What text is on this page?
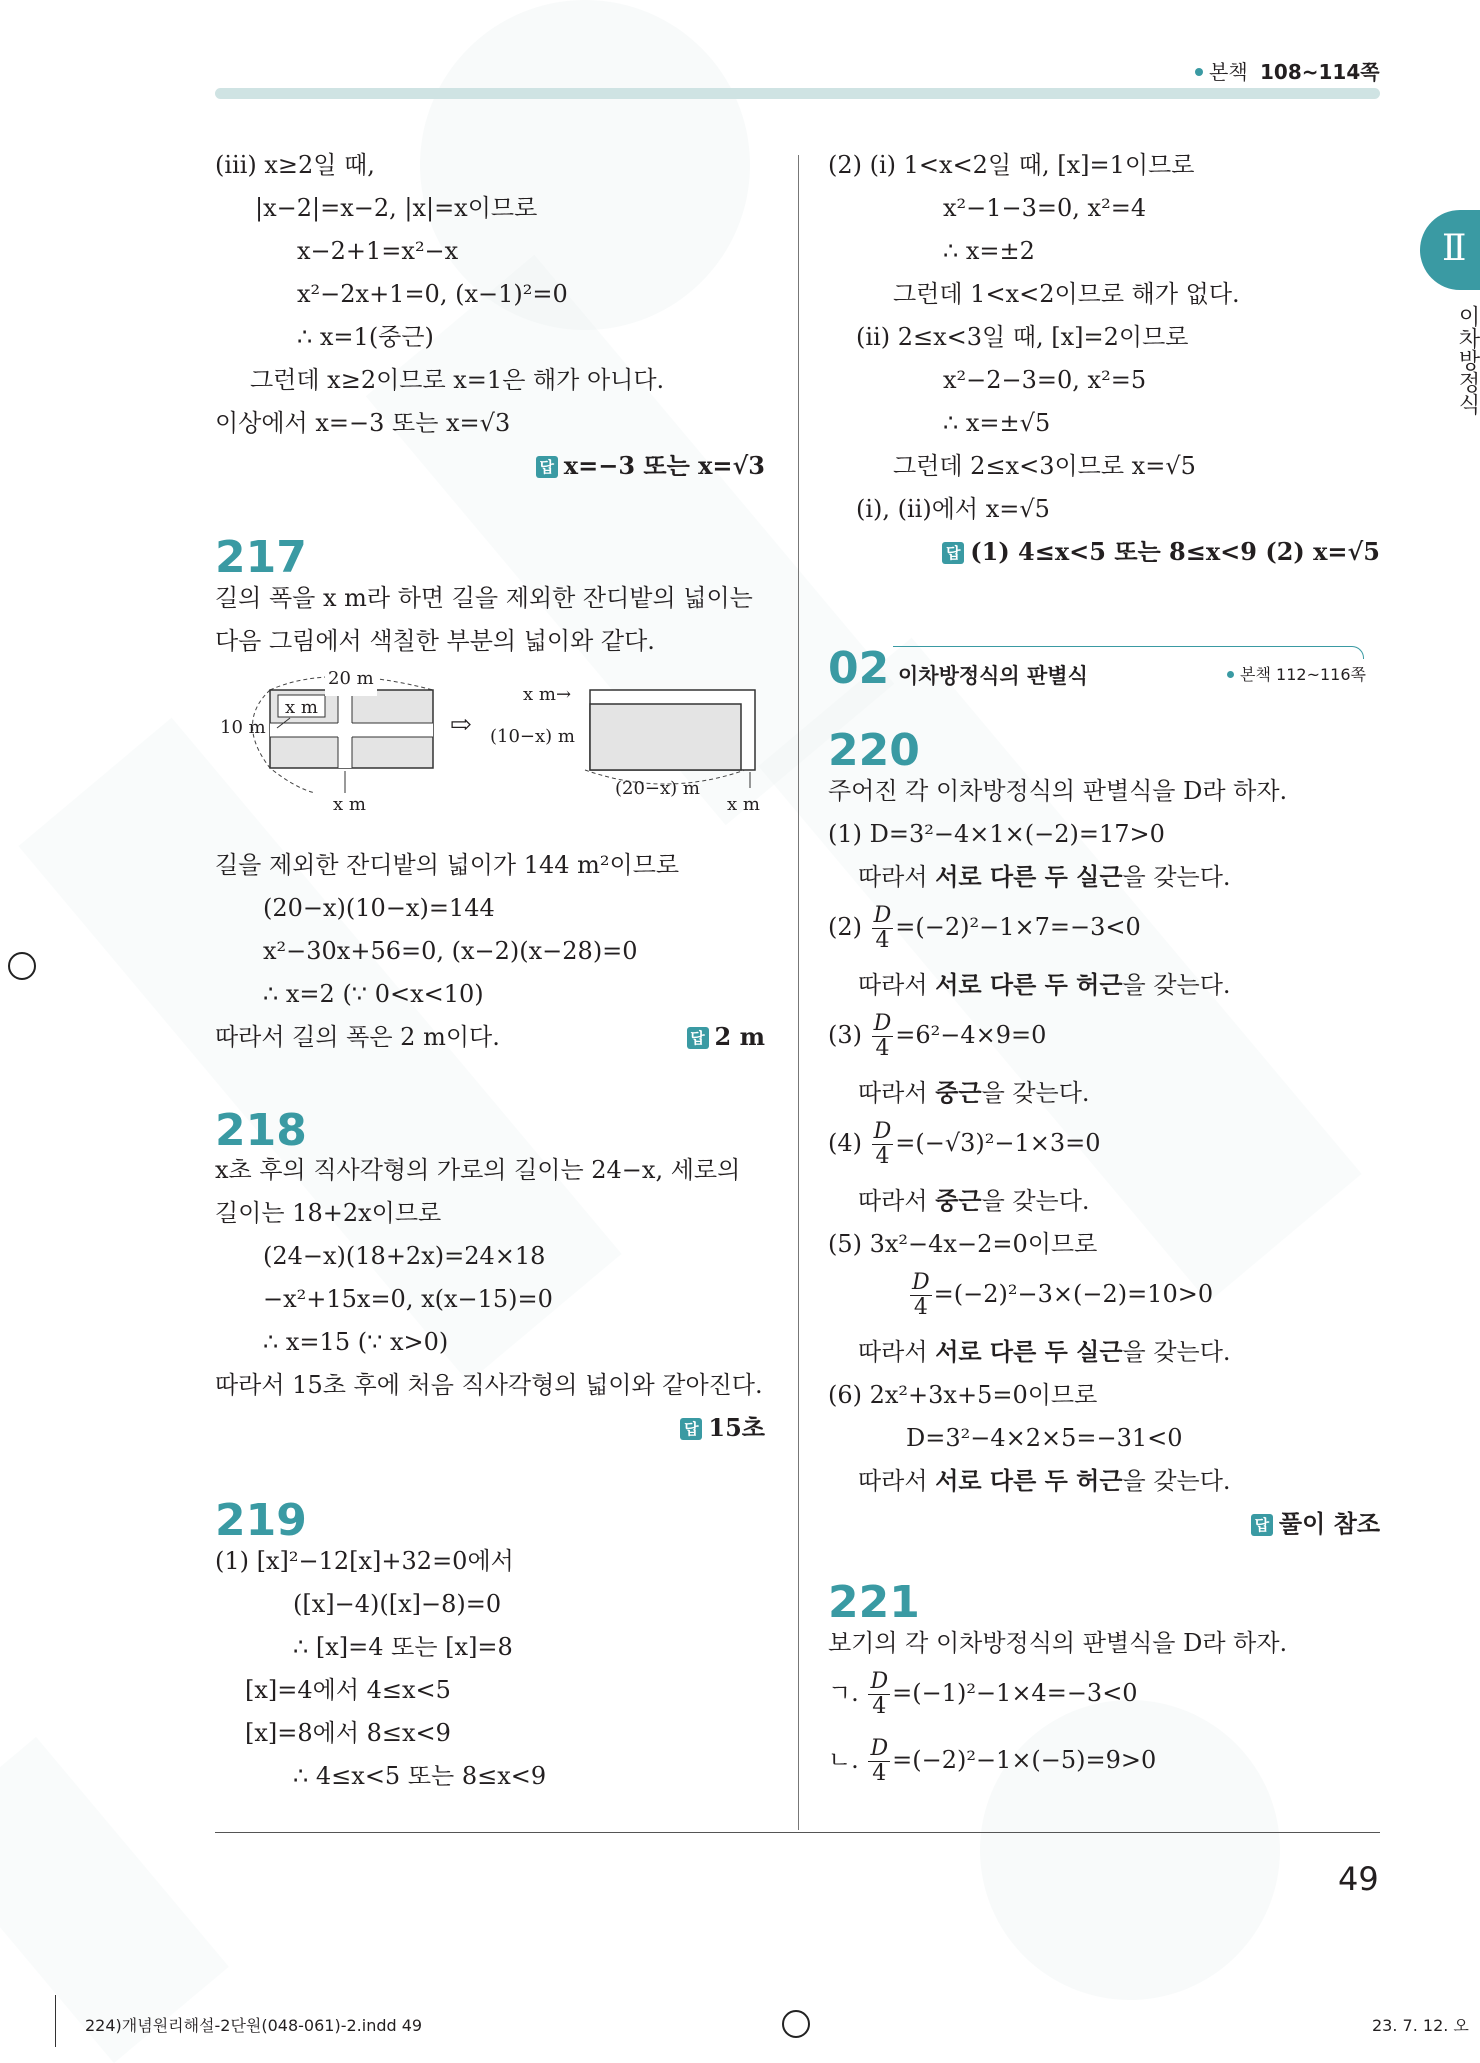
본책 108~114쪽
Ⅱ
이차방정식
(ⅲ) x≥2일 때,
|x−2|=x−2, |x|=x이므로
x−2+1=x²−x
x²−2x+1=0, (x−1)²=0
∴ x=1(중근)
그런데 x≥2이므로 x=1은 해가 아니다.
이상에서 x=−3 또는 x=√3
답 x=−3 또는 x=√3
217
길의 폭을 x m라 하면 길을 제외한 잔디밭의 넓이는
다음 그림에서 색칠한 부분의 넓이와 같다.
20 m
10 m
x m
x m
⇨
x m→
(10−x) m
(20−x) m
x m
길을 제외한 잔디밭의 넓이가 144 m²이므로
(20−x)(10−x)=144
x²−30x+56=0, (x−2)(x−28)=0
∴ x=2 (∵ 0<x<10)
따라서 길의 폭은 2 m이다.	답 2 m
218
x초 후의 직사각형의 가로의 길이는 24−x, 세로의
길이는 18+2x이므로
(24−x)(18+2x)=24×18
−x²+15x=0, x(x−15)=0
∴ x=15 (∵ x>0)
따라서 15초 후에 처음 직사각형의 넓이와 같아진다.
답 15초
219
(1) [x]²−12[x]+32=0에서
([x]−4)([x]−8)=0
∴ [x]=4 또는 [x]=8
[x]=4에서 4≤x<5
[x]=8에서 8≤x<9
∴ 4≤x<5 또는 8≤x<9
(2) (ⅰ) 1<x<2일 때, [x]=1이므로
x²−1−3=0, x²=4
∴ x=±2
그런데 1<x<2이므로 해가 없다.
(ⅱ) 2≤x<3일 때, [x]=2이므로
x²−2−3=0, x²=5
∴ x=±√5
그런데 2≤x<3이므로 x=√5
(ⅰ), (ⅱ)에서 x=√5
답 (1) 4≤x<5 또는 8≤x<9 (2) x=√5
02 이차방정식의 판별식	본책 112~116쪽
220
주어진 각 이차방정식의 판별식을 D라 하자.
(1) D=3²−4×1×(−2)=17>0
따라서 서로 다른 두 실근을 갖는다.
$(2) \frac{D}{4} =(-2)^2-1\times 7=-3<0$
따라서 서로 다른 두 허근을 갖는다.
$(3) \frac{D}{4} =6^2-4\times 9=0$
따라서 중근을 갖는다.
$(4) \frac{D}{4} =(-√3)^2-1\times 3=0$
따라서 중근을 갖는다.
(5) 3x²−4x−2=0이므로
$\frac{D}{4} =(-2)^2-3\times(-2)=10>0$
따라서 서로 다른 두 실근을 갖는다.
(6) 2x²+3x+5=0이므로
D=3²−4×2×5=−31<0
따라서 서로 다른 두 허근을 갖는다.
답 풀이 참조
221
보기의 각 이차방정식의 판별식을 D라 하자.
ㄱ. $\frac{D}{4} =(-1)^2-1\times 4=-3<0$
ㄴ. $\frac{D}{4} =(-2)^2-1\times(-5)=9>0$
49
224)개념원리해설-2단원(048-061)-2.indd 49	23. 7. 12. 오
